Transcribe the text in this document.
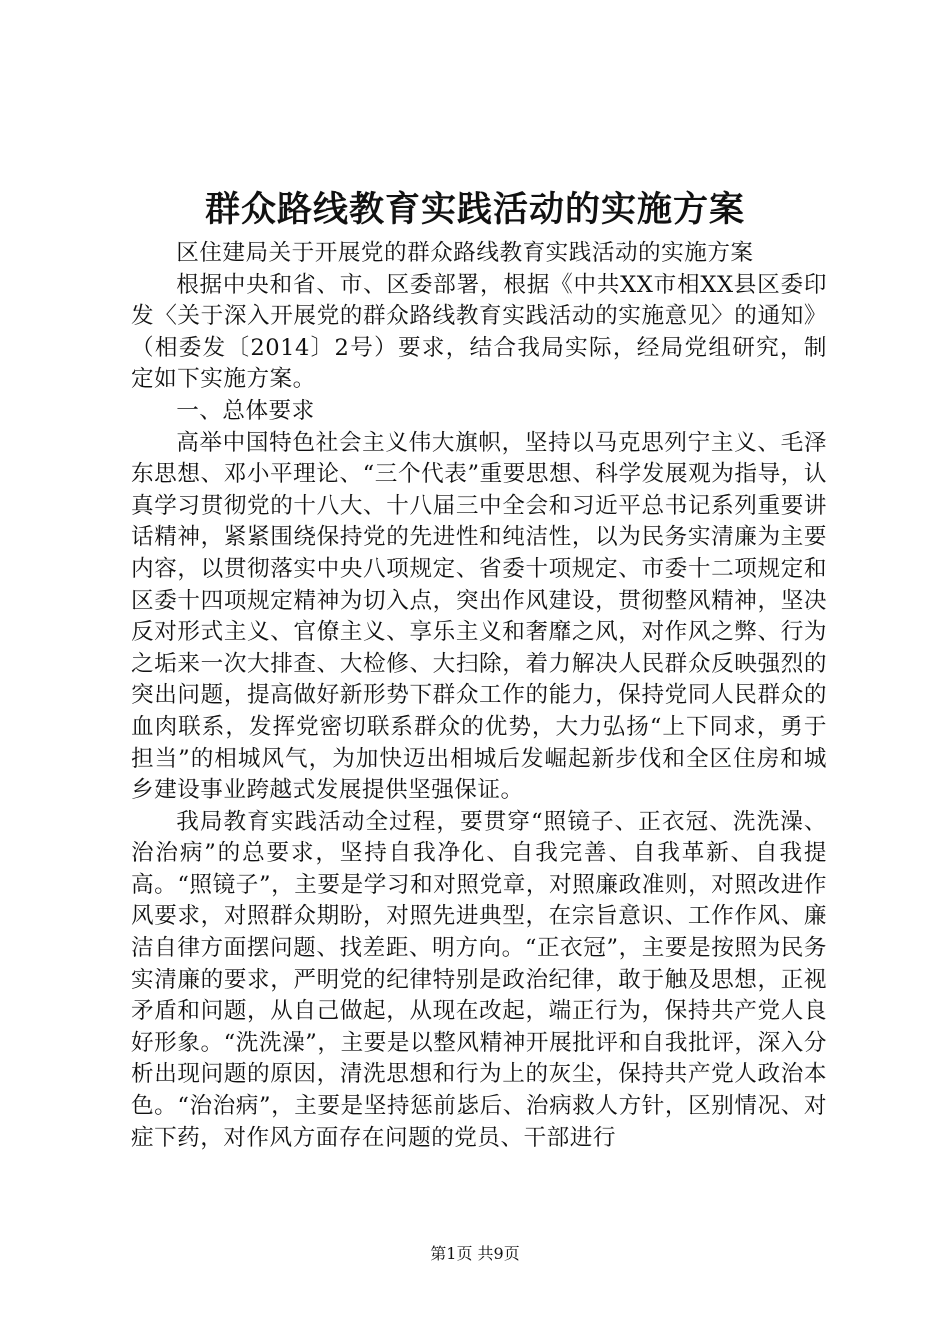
群众路线教育实践活动的实施方案

区住建局关于开展党的群众路线教育实践活动的实施方案

根据中央和省、市、区委部署，根据《中共XX市相XX县区委印发〈关于深入开展党的群众路线教育实践活动的实施意见〉的通知》（相委发〔2014〕2号）要求，结合我局实际，经局党组研究，制定如下实施方案。

一、总体要求

高举中国特色社会主义伟大旗帜，坚持以马克思列宁主义、毛泽东思想、邓小平理论、“三个代表”重要思想、科学发展观为指导，认真学习贯彻党的十八大、十八届三中全会和习近平总书记系列重要讲话精神，紧紧围绕保持党的先进性和纯洁性，以为民务实清廉为主要内容，以贯彻落实中央八项规定、省委十项规定、市委十二项规定和区委十四项规定精神为切入点，突出作风建设，贯彻整风精神，坚决反对形式主义、官僚主义、享乐主义和奢靡之风，对作风之弊、行为之垢来一次大排查、大检修、大扫除，着力解决人民群众反映强烈的突出问题，提高做好新形势下群众工作的能力，保持党同人民群众的血肉联系，发挥党密切联系群众的优势，大力弘扬“上下同求，勇于担当”的相城风气，为加快迈出相城后发崛起新步伐和全区住房和城乡建设事业跨越式发展提供坚强保证。

我局教育实践活动全过程，要贯穿“照镜子、正衣冠、洗洗澡、治治病”的总要求，坚持自我净化、自我完善、自我革新、自我提高。“照镜子”，主要是学习和对照党章，对照廉政准则，对照改进作风要求，对照群众期盼，对照先进典型，在宗旨意识、工作作风、廉洁自律方面摆问题、找差距、明方向。“正衣冠”，主要是按照为民务实清廉的要求，严明党的纪律特别是政治纪律，敢于触及思想，正视矛盾和问题，从自己做起，从现在改起，端正行为，保持共产党人良好形象。“洗洗澡”，主要是以整风精神开展批评和自我批评，深入分析出现问题的原因，清洗思想和行为上的灰尘，保持共产党人政治本色。“治治病”，主要是坚持惩前毖后、治病救人方针，区别情况、对症下药，对作风方面存在问题的党员、干部进行

第1页 共9页
